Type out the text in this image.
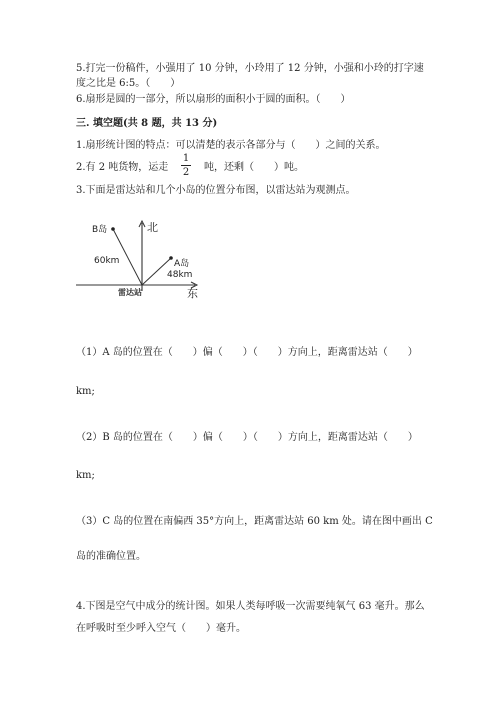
5.打完一份稿件，小强用了 10 分钟，小玲用了 12 分钟，小强和小玲的打字速
度之比是 6:5。（　　）
6.扇形是圆的一部分，所以扇形的面积小于圆的面积。（　　）
三. 填空题(共 8 题，共 13 分)
1.扇形统计图的特点：可以清楚的表示各部分与（　　）之间的关系。
2.有 2 吨货物，运走
1
2 吨，还剩（　　）吨。
3.下面是雷达站和几个小岛的位置分布图，以雷达站为观测点。
北
B岛
60km	A岛
48km
雷达站	东
（1）A 岛的位置在（　　）偏（　　）（　　）方向上，距离雷达站（　　）
km;
（2）B 岛的位置在（　　）偏（　　）（　　）方向上，距离雷达站（　　）
km;
（3）C 岛的位置在南偏西 35°方向上，距离雷达站 60 km 处。请在图中画出 C
岛的准确位置。
4.下图是空气中成分的统计图。如果人类每呼吸一次需要纯氧气 63 毫升。那么
在呼吸时至少呼入空气（　　）毫升。
